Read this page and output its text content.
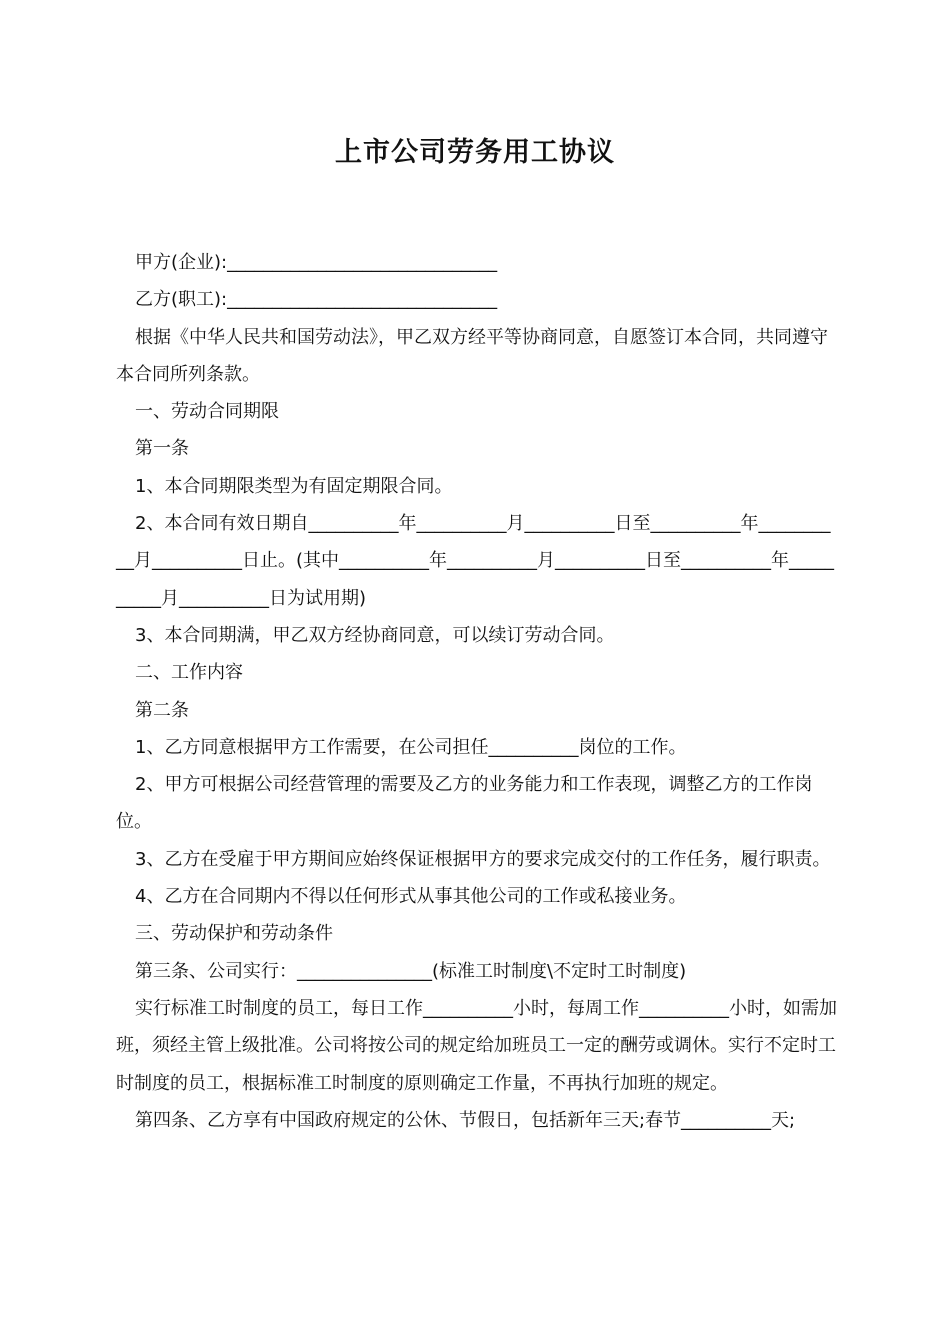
上市公司劳务用工协议

甲方(企业):______________________________

乙方(职工):______________________________

根据《中华人民共和国劳动法》，甲乙双方经平等协商同意，自愿签订本合同，共同遵守本合同所列条款。

一、劳动合同期限

第一条

1、本合同期限类型为有固定期限合同。

2、本合同有效日期自__________年__________月__________日至__________年__________月__________日止。(其中__________年__________月__________日至__________年__________月__________日为试用期)

3、本合同期满，甲乙双方经协商同意，可以续订劳动合同。

二、工作内容

第二条

1、乙方同意根据甲方工作需要，在公司担任__________岗位的工作。

2、甲方可根据公司经营管理的需要及乙方的业务能力和工作表现，调整乙方的工作岗位。

3、乙方在受雇于甲方期间应始终保证根据甲方的要求完成交付的工作任务，履行职责。

4、乙方在合同期内不得以任何形式从事其他公司的工作或私接业务。

三、劳动保护和劳动条件

第三条、公司实行：_______________(标准工时制度\不定时工时制度)

实行标准工时制度的员工，每日工作__________小时，每周工作__________小时，如需加班，须经主管上级批准。公司将按公司的规定给加班员工一定的酬劳或调休。实行不定时工时制度的员工，根据标准工时制度的原则确定工作量，不再执行加班的规定。

第四条、乙方享有中国政府规定的公休、节假日，包括新年三天;春节__________天;
